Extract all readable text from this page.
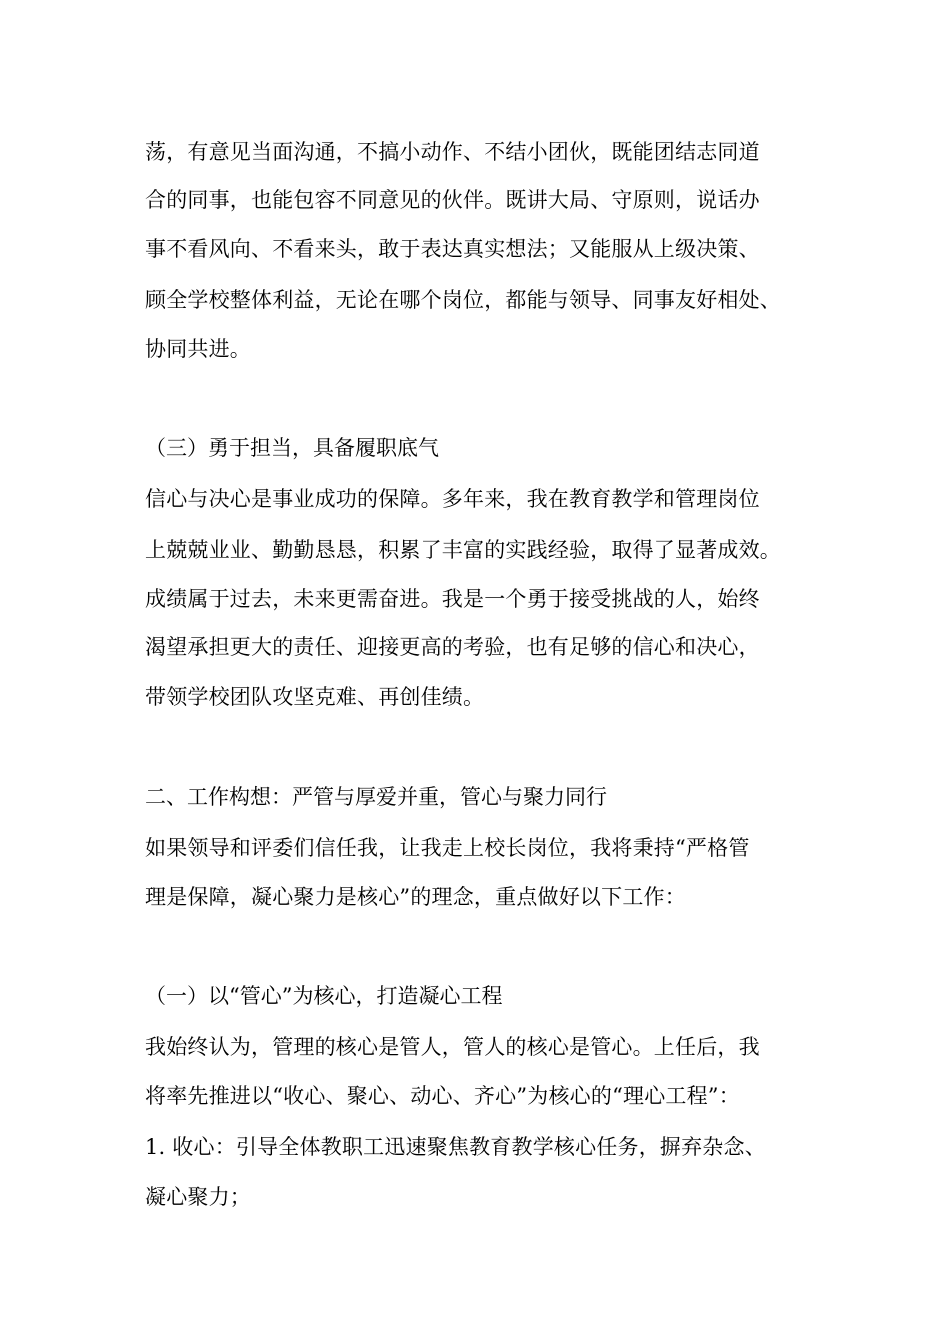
荡，有意见当面沟通，不搞小动作、不结小团伙，既能团结志同道
合的同事，也能包容不同意见的伙伴。既讲大局、守原则，说话办
事不看风向、不看来头，敢于表达真实想法；又能服从上级决策、
顾全学校整体利益，无论在哪个岗位，都能与领导、同事友好相处、
协同共进。
（三）勇于担当，具备履职底气
信心与决心是事业成功的保障。多年来，我在教育教学和管理岗位
上兢兢业业、勤勤恳恳，积累了丰富的实践经验，取得了显著成效。
成绩属于过去，未来更需奋进。我是一个勇于接受挑战的人，始终
渴望承担更大的责任、迎接更高的考验，也有足够的信心和决心，
带领学校团队攻坚克难、再创佳绩。
二、工作构想：严管与厚爱并重，管心与聚力同行
如果领导和评委们信任我，让我走上校长岗位，我将秉持“严格管
理是保障，凝心聚力是核心”的理念，重点做好以下工作：
（一）以“管心”为核心，打造凝心工程
我始终认为，管理的核心是管人，管人的核心是管心。上任后，我
将率先推进以“收心、聚心、动心、齐心”为核心的“理心工程”：
1. 收心：引导全体教职工迅速聚焦教育教学核心任务，摒弃杂念、
凝心聚力；
